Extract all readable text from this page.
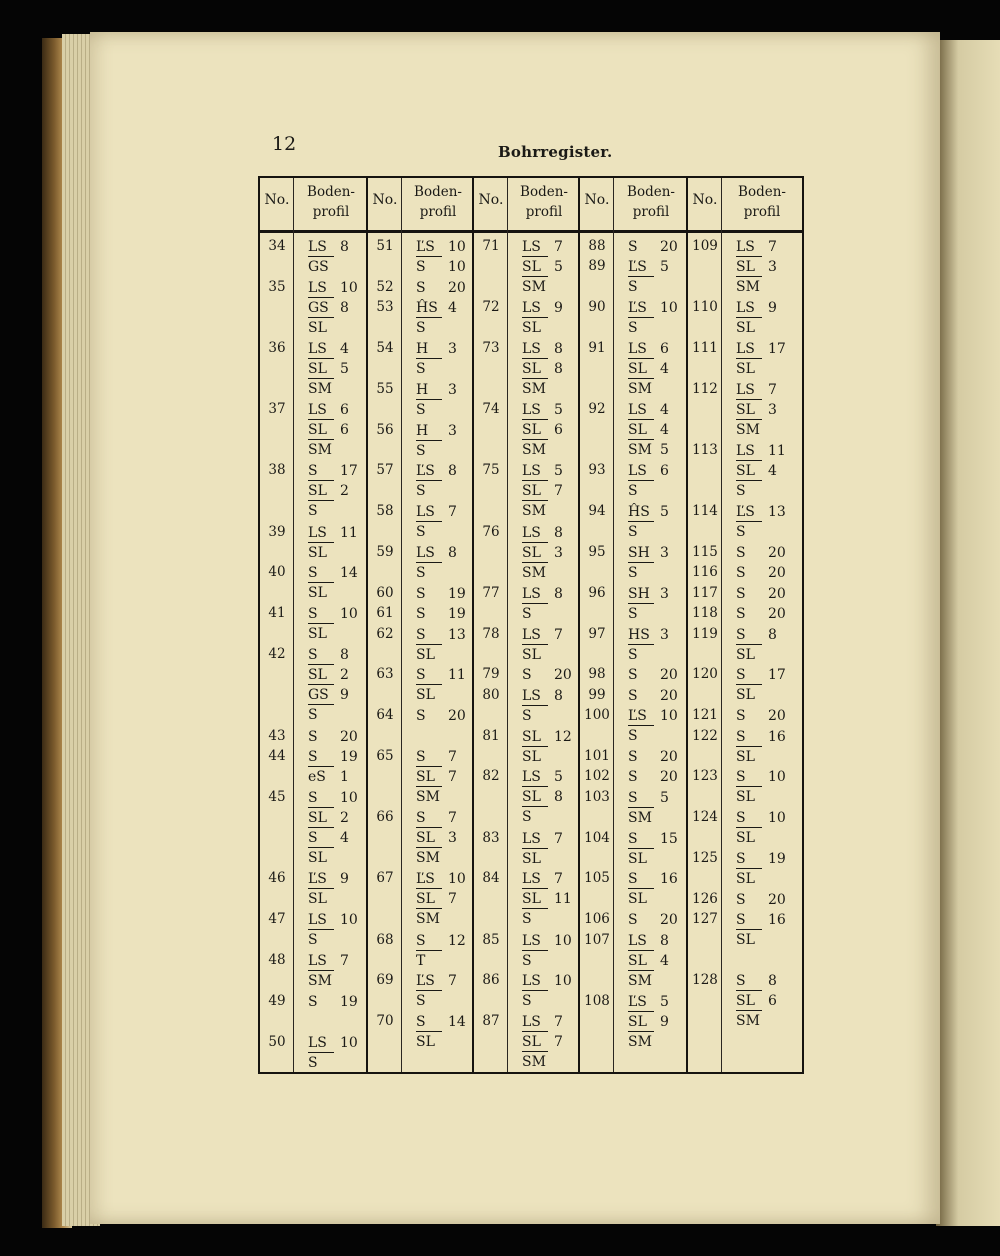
12	Bohrregister.
No.	Boden-
profil
No.	Boden-
profil
No.	Boden-
profil
No.	Boden-
profil
No.	Boden-
profil
34	LS 8
GS
35	LS 10
GS 8
SL
36	LS 4
SL 5
SM
37	LS 6
SL 6
SM
38	S 17
SL 2
S
39	LS 11
SL
40	S 14
SL
41	S 10
SL
42	S 8
SL 2
GS 9
S
43	S 20
44	S 19
eS 1
45	S 10
SL 2
S 4
SL
46	ĽS 9
SL
47	LS 10
S
48	LS 7
SM
49	S 19
50	LS 10
S
51	ĽS 10
S 10
52	S 20
53	ĤS 4
S
54	H 3
S
55	H 3
S
56	H 3
S
57	ĽS 8
S
58	LS 7
S
59	LS 8
S
60	S 19
61	S 19
62	S 13
SL
63	S 11
SL
64	S 20
65	S 7
SL 7
SM
66	S 7
SL 3
SM
67	ĽS 10
SL 7
SM
68	S 12
T
69	ĽS 7
S
70	S 14
SL
71	LS 7
SL 5
SM
72	LS 9
SL
73	LS 8
SL 8
SM
74	LS 5
SL 6
SM
75	LS 5
SL 7
SM
76	LS 8
SL 3
SM
77	LS 8
S
78	LS 7
SL
79	S 20
80	LS 8
S
81	SL 12
SL
82	LS 5
SL 8
S
83	LS 7
SL
84	LS 7
SL 11
S
85	LS 10
S
86	LS 10
S
87	LS 7
SL 7
SM
88	S 20
89	ĽS 5
S
90	ĽS 10
S
91	LS 6
SL 4
SM
92	LS 4
SL 4
SM 5
93	LS 6
S
94	ĤS 5
S
95	SH 3
S
96	SH 3
S
97	HS 3
S
98	S 20
99	S 20
100 ĽS 10
S
101 S 20
102 S 20
103 S 5
SM
104 S 15
SL
105 S 16
SL
106 S 20
107 LS 8
SL 4
SM
108 ĽS 5
SL 9
SM
109 LS 7
SL 3
SM
110 LS 9
SL
111 LS 17
SL
112 LS 7
SL 3
SM
113 LS 11
SL 4
S
114 ĽS 13
S
115 S 20
116 S 20
117 S 20
118 S 20
119 S 8
SL
120 S 17
SL
121 S 20
122 S 16
SL
123 S 10
SL
124 S 10
SL
125 S 19
SL
126 S 20
127 S 16
SL
128 S 8
SL 6
SM
